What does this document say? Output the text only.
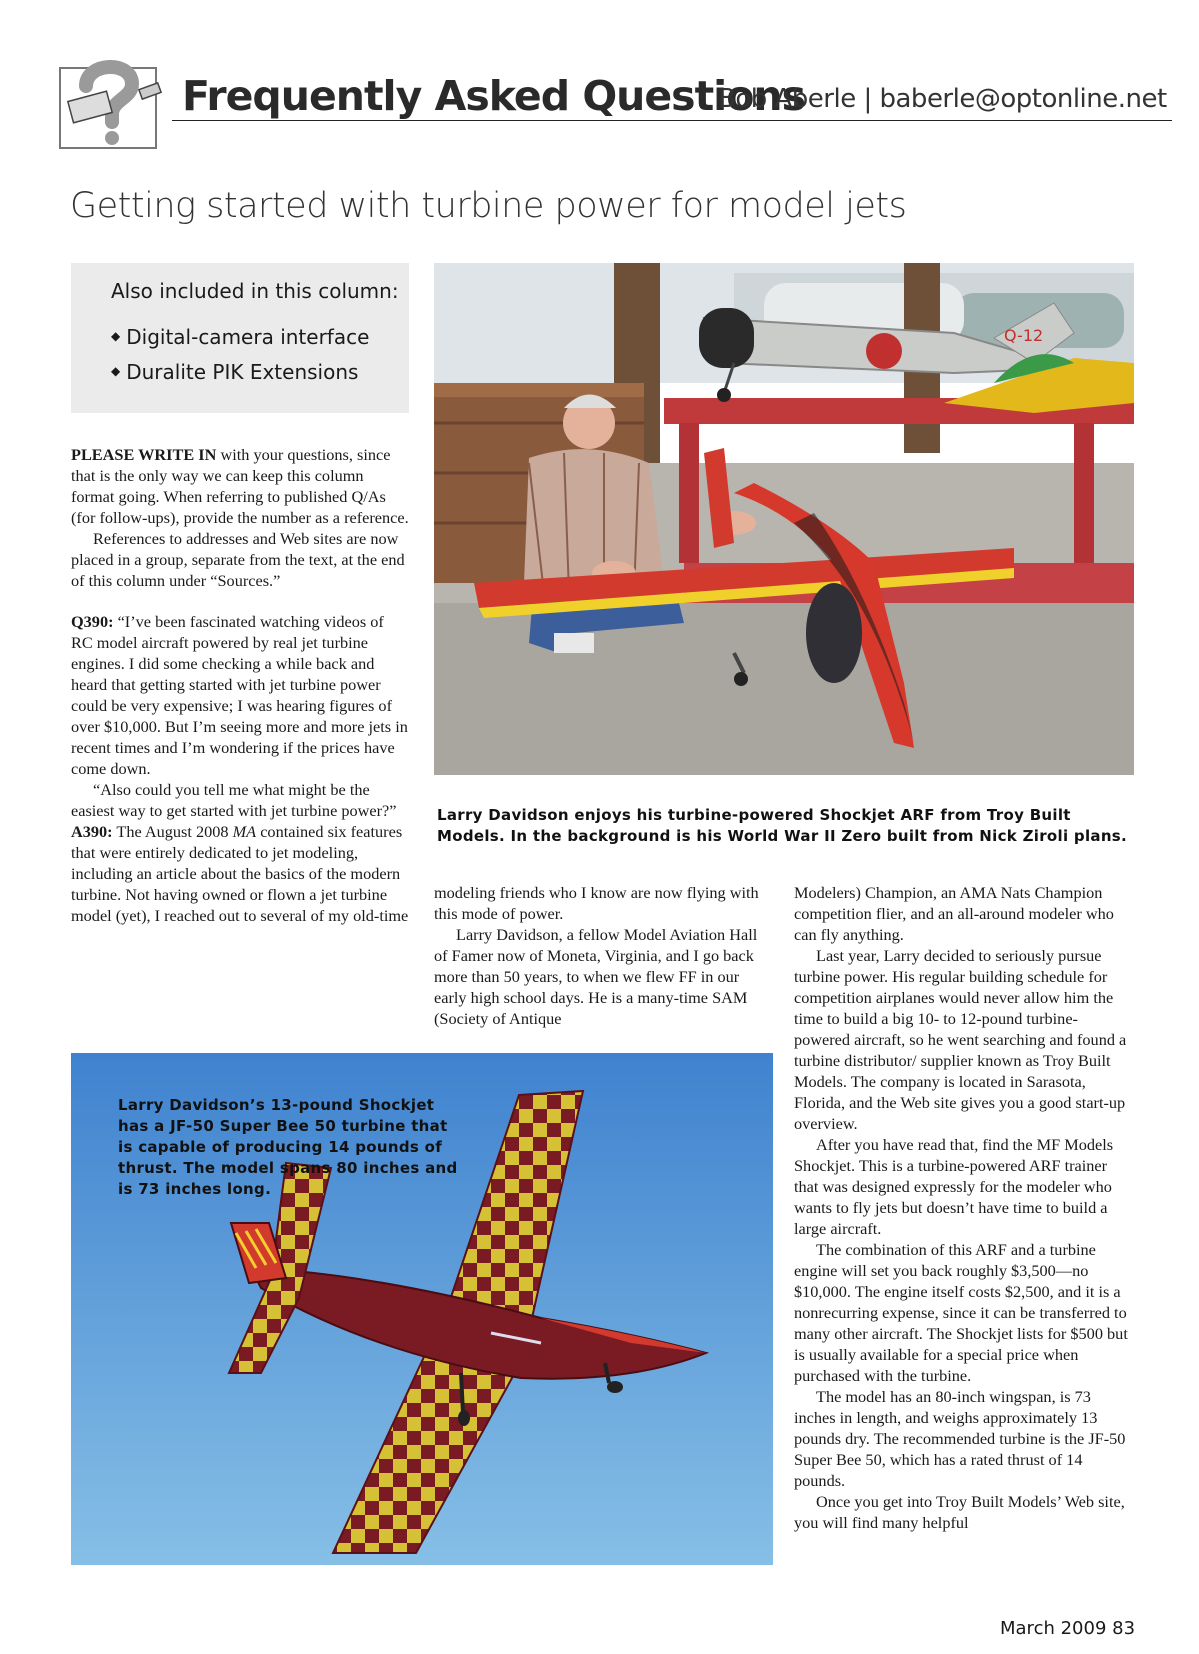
Frequently Asked Questions
Bob Aberle | baberle@optonline.net
Getting started with turbine power for model jets
Also included in this column:
◆ Digital-camera interface
◆ Duralite PIK Extensions

PLEASE WRITE IN with your questions, since that is the only way we can keep this column format going. When referring to published Q/As (for follow-ups), provide the number as a reference.

References to addresses and Web sites are now placed in a group, separate from the text, at the end of this column under “Sources.”

Q390: “I’ve been fascinated watching videos of RC model aircraft powered by real jet turbine engines. I did some checking a while back and heard that getting started with jet turbine power could be very expensive; I was hearing figures of over $10,000. But I’m seeing more and more jets in recent times and I’m wondering if the prices have come down.

“Also could you tell me what might be the easiest way to get started with jet turbine power?”

A390: The August 2008 MA contained six features that were entirely dedicated to jet modeling, including an article about the basics of the modern turbine. Not having owned or flown a jet turbine model (yet), I reached out to several of my old-time

Q-12
Larry Davidson enjoys his turbine-powered Shockjet ARF from Troy Built Models. In the background is his World War II Zero built from Nick Ziroli plans.

modeling friends who I know are now flying with this mode of power.

Larry Davidson, a fellow Model Aviation Hall of Famer now of Moneta, Virginia, and I go back more than 50 years, to when we flew FF in our early high school days. He is a many-time SAM (Society of Antique

Modelers) Champion, an AMA Nats Champion competition flier, and an all-around modeler who can fly anything.

Last year, Larry decided to seriously pursue turbine power. His regular building schedule for competition airplanes would never allow him the time to build a big 10- to 12-pound turbine-powered aircraft, so he went searching and found a turbine distributor/ supplier known as Troy Built Models. The company is located in Sarasota, Florida, and the Web site gives you a good start-up overview.

After you have read that, find the MF Models Shockjet. This is a turbine-powered ARF trainer that was designed expressly for the modeler who wants to fly jets but doesn’t have time to build a large aircraft.

The combination of this ARF and a turbine engine will set you back roughly $3,500—no $10,000. The engine itself costs $2,500, and it is a nonrecurring expense, since it can be transferred to many other aircraft. The Shockjet lists for $500 but is usually available for a special price when purchased with the turbine.

The model has an 80-inch wingspan, is 73 inches in length, and weighs approximately 13 pounds dry. The recommended turbine is the JF-50 Super Bee 50, which has a rated thrust of 14 pounds.

Once you get into Troy Built Models’ Web site, you will find many helpful

Larry Davidson’s 13-pound Shockjet has a JF-50 Super Bee 50 turbine that is capable of producing 14 pounds of thrust. The model spans 80 inches and is 73 inches long.
March 2009 83
